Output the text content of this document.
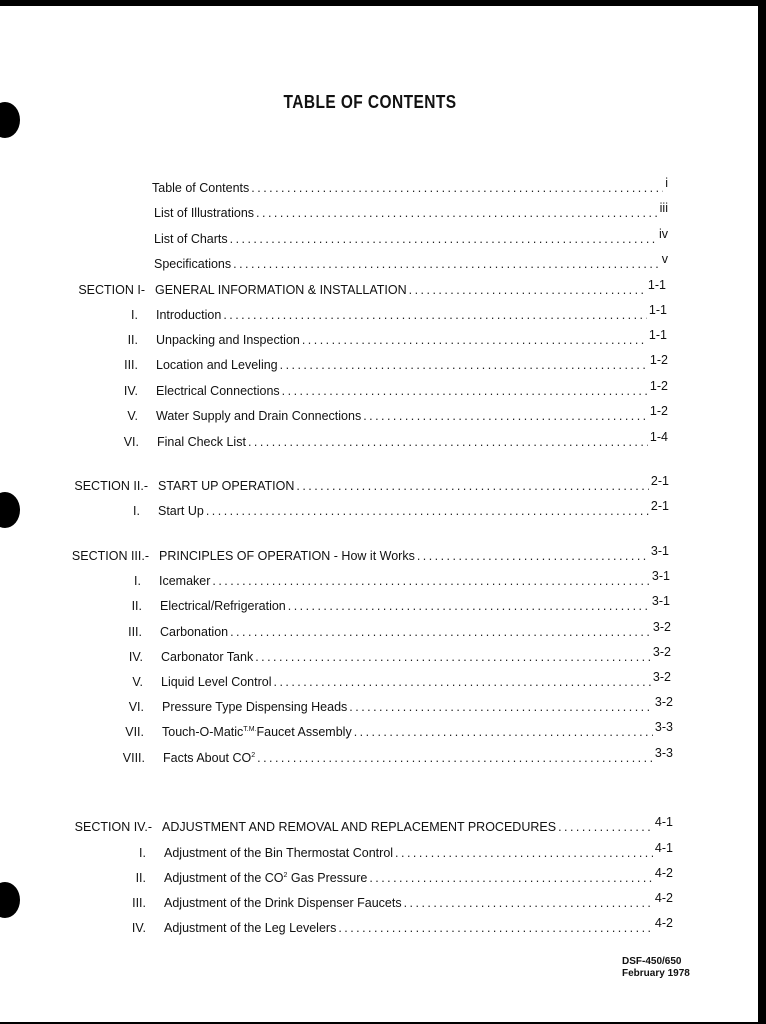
TABLE OF CONTENTS
Table of Contents . . .	i
List of Illustrations . . .	iii
List of Charts . . .	iv
Specifications . . .	v
SECTION I- GENERAL INFORMATION & INSTALLATION . . .	1-1
I. Introduction . . .	1-1
II. Unpacking and Inspection . . .	1-1
III. Location and Leveling . . .	1-2
IV. Electrical Connections . . .	1-2
V. Water Supply and Drain Connections . . .	1-2
VI. Final Check List . . .	1-4
SECTION II.- START UP OPERATION . . .	2-1
I. Start Up . . .	2-1
SECTION III.- PRINCIPLES OF OPERATION - How it Works . . .	3-1
I. Icemaker . . .	3-1
II. Electrical/Refrigeration . . .	3-1
III. Carbonation . . .	3-2
IV. Carbonator Tank . . .	3-2
V. Liquid Level Control . . .	3-2
VI. Pressure Type Dispensing Heads . . .	3-2
VII. Touch-O-Matic$^{T.M.}$Faucet Assembly . . .	3-3
VIII. Facts About $CO^2$ . . .	3-3
SECTION IV.- ADJUSTMENT AND REMOVAL AND REPLACEMENT PROCEDURES . . .	4-1
I. Adjustment of the Bin Thermostat Control . . .	4-1
II. Adjustment of the $CO^2$ Gas Pressure . . .	4-2
III. Adjustment of the Drink Dispenser Faucets . . .	4-2
IV. Adjustment of the Leg Levelers . . .	4-2
DSF-450/650
February 1978
